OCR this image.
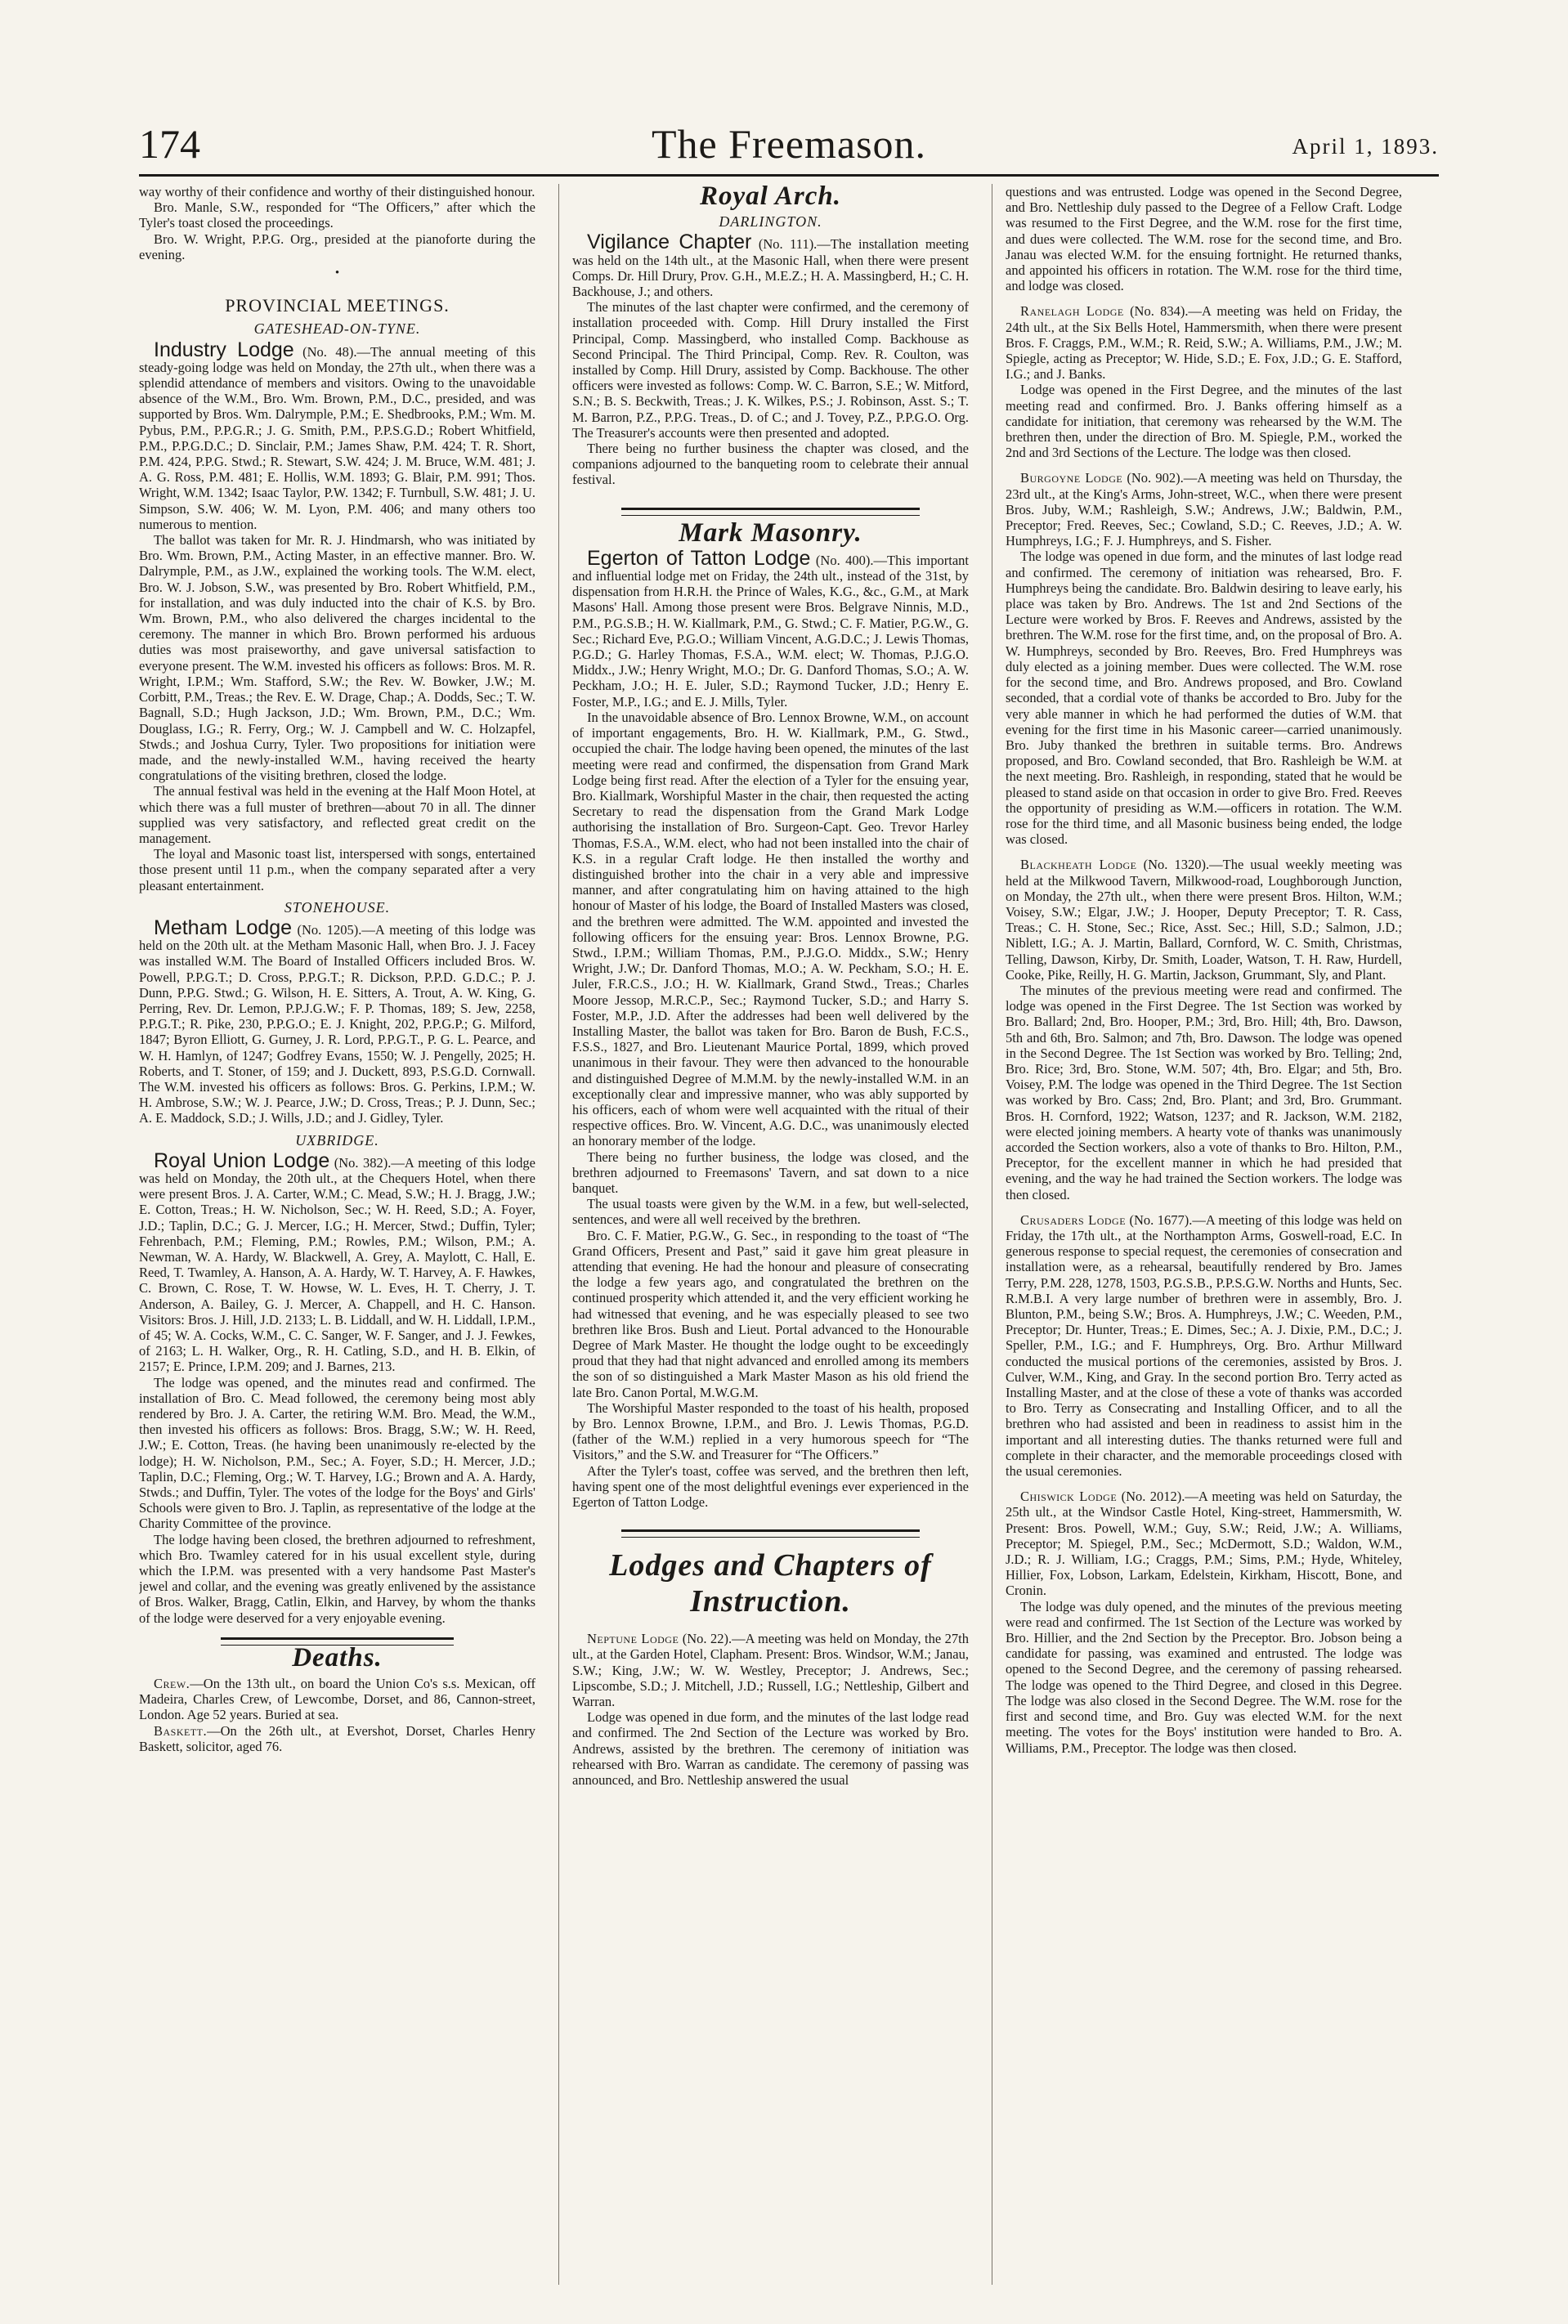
174	The Freemason.	April 1, 1893.

way worthy of their confidence and worthy of their distinguished honour.

Bro. Manle, S.W., responded for “The Officers,” after which the Tyler's toast closed the proceedings.

Bro. W. Wright, P.P.G. Org., presided at the pianoforte during the evening.

•
PROVINCIAL MEETINGS.
GATESHEAD-ON-TYNE.

Industry Lodge (No. 48).—The annual meeting of this steady-going lodge was held on Monday, the 27th ult., when there was a splendid attendance of members and visitors. Owing to the unavoidable absence of the W.M., Bro. Wm. Brown, P.M., D.C., presided, and was supported by Bros. Wm. Dalrymple, P.M.; E. Shedbrooks, P.M.; Wm. M. Pybus, P.M., P.P.G.R.; J. G. Smith, P.M., P.P.S.G.D.; Robert Whitfield, P.M., P.P.G.D.C.; D. Sinclair, P.M.; James Shaw, P.M. 424; T. R. Short, P.M. 424, P.P.G. Stwd.; R. Stewart, S.W. 424; J. M. Bruce, W.M. 481; J. A. G. Ross, P.M. 481; E. Hollis, W.M. 1893; G. Blair, P.M. 991; Thos. Wright, W.M. 1342; Isaac Taylor, P.W. 1342; F. Turnbull, S.W. 481; J. U. Simpson, S.W. 406; W. M. Lyon, P.M. 406; and many others too numerous to mention.

The ballot was taken for Mr. R. J. Hindmarsh, who was initiated by Bro. Wm. Brown, P.M., Acting Master, in an effective manner. Bro. W. Dalrymple, P.M., as J.W., explained the working tools. The W.M. elect, Bro. W. J. Jobson, S.W., was presented by Bro. Robert Whitfield, P.M., for installation, and was duly inducted into the chair of K.S. by Bro. Wm. Brown, P.M., who also delivered the charges incidental to the ceremony. The manner in which Bro. Brown performed his arduous duties was most praiseworthy, and gave universal satisfaction to everyone present. The W.M. invested his officers as follows: Bros. M. R. Wright, I.P.M.; Wm. Stafford, S.W.; the Rev. W. Bowker, J.W.; M. Corbitt, P.M., Treas.; the Rev. E. W. Drage, Chap.; A. Dodds, Sec.; T. W. Bagnall, S.D.; Hugh Jackson, J.D.; Wm. Brown, P.M., D.C.; Wm. Douglass, I.G.; R. Ferry, Org.; W. J. Campbell and W. C. Holzapfel, Stwds.; and Joshua Curry, Tyler. Two propositions for initiation were made, and the newly-installed W.M., having received the hearty congratulations of the visiting brethren, closed the lodge.

The annual festival was held in the evening at the Half Moon Hotel, at which there was a full muster of brethren—about 70 in all. The dinner supplied was very satisfactory, and reflected great credit on the management.

The loyal and Masonic toast list, interspersed with songs, entertained those present until 11 p.m., when the company separated after a very pleasant entertainment.

STONEHOUSE.

Metham Lodge (No. 1205).—A meeting of this lodge was held on the 20th ult. at the Metham Masonic Hall, when Bro. J. J. Facey was installed W.M. The Board of Installed Officers included Bros. W. Powell, P.P.G.T.; D. Cross, P.P.G.T.; R. Dickson, P.P.D. G.D.C.; P. J. Dunn, P.P.G. Stwd.; G. Wilson, H. E. Sitters, A. Trout, A. W. King, G. Perring, Rev. Dr. Lemon, P.P.J.G.W.; F. P. Thomas, 189; S. Jew, 2258, P.P.G.T.; R. Pike, 230, P.P.G.O.; E. J. Knight, 202, P.P.G.P.; G. Milford, 1847; Byron Elliott, G. Gurney, J. R. Lord, P.P.G.T., P. G. L. Pearce, and W. H. Hamlyn, of 1247; Godfrey Evans, 1550; W. J. Pengelly, 2025; H. Roberts, and T. Stoner, of 159; and J. Duckett, 893, P.S.G.D. Cornwall. The W.M. invested his officers as follows: Bros. G. Perkins, I.P.M.; W. H. Ambrose, S.W.; W. J. Pearce, J.W.; D. Cross, Treas.; P. J. Dunn, Sec.; A. E. Maddock, S.D.; J. Wills, J.D.; and J. Gidley, Tyler.

UXBRIDGE.

Royal Union Lodge (No. 382).—A meeting of this lodge was held on Monday, the 20th ult., at the Chequers Hotel, when there were present Bros. J. A. Carter, W.M.; C. Mead, S.W.; H. J. Bragg, J.W.; E. Cotton, Treas.; H. W. Nicholson, Sec.; W. H. Reed, S.D.; A. Foyer, J.D.; Taplin, D.C.; G. J. Mercer, I.G.; H. Mercer, Stwd.; Duffin, Tyler; Fehrenbach, P.M.; Fleming, P.M.; Rowles, P.M.; Wilson, P.M.; A. Newman, W. A. Hardy, W. Blackwell, A. Grey, A. Maylott, C. Hall, E. Reed, T. Twamley, A. Hanson, A. A. Hardy, W. T. Harvey, A. F. Hawkes, C. Brown, C. Rose, T. W. Howse, W. L. Eves, H. T. Cherry, J. T. Anderson, A. Bailey, G. J. Mercer, A. Chappell, and H. C. Hanson. Visitors: Bros. J. Hill, J.D. 2133; L. B. Liddall, and W. H. Liddall, I.P.M., of 45; W. A. Cocks, W.M., C. C. Sanger, W. F. Sanger, and J. J. Fewkes, of 2163; L. H. Walker, Org., R. H. Catling, S.D., and H. B. Elkin, of 2157; E. Prince, I.P.M. 209; and J. Barnes, 213.

The lodge was opened, and the minutes read and confirmed. The installation of Bro. C. Mead followed, the ceremony being most ably rendered by Bro. J. A. Carter, the retiring W.M. Bro. Mead, the W.M., then invested his officers as follows: Bros. Bragg, S.W.; W. H. Reed, J.W.; E. Cotton, Treas. (he having been unanimously re-elected by the lodge); H. W. Nicholson, P.M., Sec.; A. Foyer, S.D.; H. Mercer, J.D.; Taplin, D.C.; Fleming, Org.; W. T. Harvey, I.G.; Brown and A. A. Hardy, Stwds.; and Duffin, Tyler. The votes of the lodge for the Boys' and Girls' Schools were given to Bro. J. Taplin, as representative of the lodge at the Charity Committee of the province.

The lodge having been closed, the brethren adjourned to refreshment, which Bro. Twamley catered for in his usual excellent style, during which the I.P.M. was presented with a very handsome Past Master's jewel and collar, and the evening was greatly enlivened by the assistance of Bros. Walker, Bragg, Catlin, Elkin, and Harvey, by whom the thanks of the lodge were deserved for a very enjoyable evening.

Deaths.

Crew.—On the 13th ult., on board the Union Co's s.s. Mexican, off Madeira, Charles Crew, of Lewcombe, Dorset, and 86, Cannon-street, London. Age 52 years. Buried at sea.

Baskett.—On the 26th ult., at Evershot, Dorset, Charles Henry Baskett, solicitor, aged 76.

Royal Arch.
DARLINGTON.

Vigilance Chapter (No. 111).—The installation meeting was held on the 14th ult., at the Masonic Hall, when there were present Comps. Dr. Hill Drury, Prov. G.H., M.E.Z.; H. A. Massingberd, H.; C. H. Backhouse, J.; and others.

The minutes of the last chapter were confirmed, and the ceremony of installation proceeded with. Comp. Hill Drury installed the First Principal, Comp. Massingberd, who installed Comp. Backhouse as Second Principal. The Third Principal, Comp. Rev. R. Coulton, was installed by Comp. Hill Drury, assisted by Comp. Backhouse. The other officers were invested as follows: Comp. W. C. Barron, S.E.; W. Mitford, S.N.; B. S. Beckwith, Treas.; J. K. Wilkes, P.S.; J. Robinson, Asst. S.; T. M. Barron, P.Z., P.P.G. Treas., D. of C.; and J. Tovey, P.Z., P.P.G.O. Org. The Treasurer's accounts were then presented and adopted.

There being no further business the chapter was closed, and the companions adjourned to the banqueting room to celebrate their annual festival.

Mark Masonry.

Egerton of Tatton Lodge (No. 400).—This important and influential lodge met on Friday, the 24th ult., instead of the 31st, by dispensation from H.R.H. the Prince of Wales, K.G., &c., G.M., at Mark Masons' Hall. Among those present were Bros. Belgrave Ninnis, M.D., P.M., P.G.S.B.; H. W. Kiallmark, P.M., G. Stwd.; C. F. Matier, P.G.W., G. Sec.; Richard Eve, P.G.O.; William Vincent, A.G.D.C.; J. Lewis Thomas, P.G.D.; G. Harley Thomas, F.S.A., W.M. elect; W. Thomas, P.J.G.O. Middx., J.W.; Henry Wright, M.O.; Dr. G. Danford Thomas, S.O.; A. W. Peckham, J.O.; H. E. Juler, S.D.; Raymond Tucker, J.D.; Henry E. Foster, M.P., I.G.; and E. J. Mills, Tyler.

In the unavoidable absence of Bro. Lennox Browne, W.M., on account of important engagements, Bro. H. W. Kiallmark, P.M., G. Stwd., occupied the chair. The lodge having been opened, the minutes of the last meeting were read and confirmed, the dispensation from Grand Mark Lodge being first read. After the election of a Tyler for the ensuing year, Bro. Kiallmark, Worshipful Master in the chair, then requested the acting Secretary to read the dispensation from the Grand Mark Lodge authorising the installation of Bro. Surgeon-Capt. Geo. Trevor Harley Thomas, F.S.A., W.M. elect, who had not been installed into the chair of K.S. in a regular Craft lodge. He then installed the worthy and distinguished brother into the chair in a very able and impressive manner, and after congratulating him on having attained to the high honour of Master of his lodge, the Board of Installed Masters was closed, and the brethren were admitted. The W.M. appointed and invested the following officers for the ensuing year: Bros. Lennox Browne, P.G. Stwd., I.P.M.; William Thomas, P.M., P.J.G.O. Middx., S.W.; Henry Wright, J.W.; Dr. Danford Thomas, M.O.; A. W. Peckham, S.O.; H. E. Juler, F.R.C.S., J.O.; H. W. Kiallmark, Grand Stwd., Treas.; Charles Moore Jessop, M.R.C.P., Sec.; Raymond Tucker, S.D.; and Harry S. Foster, M.P., J.D. After the addresses had been well delivered by the Installing Master, the ballot was taken for Bro. Baron de Bush, F.C.S., F.S.S., 1827, and Bro. Lieutenant Maurice Portal, 1899, which proved unanimous in their favour. They were then advanced to the honourable and distinguished Degree of M.M.M. by the newly-installed W.M. in an exceptionally clear and impressive manner, who was ably supported by his officers, each of whom were well acquainted with the ritual of their respective offices. Bro. W. Vincent, A.G. D.C., was unanimously elected an honorary member of the lodge.

There being no further business, the lodge was closed, and the brethren adjourned to Freemasons' Tavern, and sat down to a nice banquet.

The usual toasts were given by the W.M. in a few, but well-selected, sentences, and were all well received by the brethren.

Bro. C. F. Matier, P.G.W., G. Sec., in responding to the toast of “The Grand Officers, Present and Past,” said it gave him great pleasure in attending that evening. He had the honour and pleasure of consecrating the lodge a few years ago, and congratulated the brethren on the continued prosperity which attended it, and the very efficient working he had witnessed that evening, and he was especially pleased to see two brethren like Bros. Bush and Lieut. Portal advanced to the Honourable Degree of Mark Master. He thought the lodge ought to be exceedingly proud that they had that night advanced and enrolled among its members the son of so distinguished a Mark Master Mason as his old friend the late Bro. Canon Portal, M.W.G.M.

The Worshipful Master responded to the toast of his health, proposed by Bro. Lennox Browne, I.P.M., and Bro. J. Lewis Thomas, P.G.D. (father of the W.M.) replied in a very humorous speech for “The Visitors,” and the S.W. and Treasurer for “The Officers.”

After the Tyler's toast, coffee was served, and the brethren then left, having spent one of the most delightful evenings ever experienced in the Egerton of Tatton Lodge.

Lodges and Chapters of Instruction.

Neptune Lodge (No. 22).—A meeting was held on Monday, the 27th ult., at the Garden Hotel, Clapham. Present: Bros. Windsor, W.M.; Janau, S.W.; King, J.W.; W. W. Westley, Preceptor; J. Andrews, Sec.; Lipscombe, S.D.; J. Mitchell, J.D.; Russell, I.G.; Nettleship, Gilbert and Warran.

Lodge was opened in due form, and the minutes of the last lodge read and confirmed. The 2nd Section of the Lecture was worked by Bro. Andrews, assisted by the brethren. The ceremony of initiation was rehearsed with Bro. Warran as candidate. The ceremony of passing was announced, and Bro. Nettleship answered the usual

questions and was entrusted. Lodge was opened in the Second Degree, and Bro. Nettleship duly passed to the Degree of a Fellow Craft. Lodge was resumed to the First Degree, and the W.M. rose for the first time, and dues were collected. The W.M. rose for the second time, and Bro. Janau was elected W.M. for the ensuing fortnight. He returned thanks, and appointed his officers in rotation. The W.M. rose for the third time, and lodge was closed.

Ranelagh Lodge (No. 834).—A meeting was held on Friday, the 24th ult., at the Six Bells Hotel, Hammersmith, when there were present Bros. F. Craggs, P.M., W.M.; R. Reid, S.W.; A. Williams, P.M., J.W.; M. Spiegle, acting as Preceptor; W. Hide, S.D.; E. Fox, J.D.; G. E. Stafford, I.G.; and J. Banks.

Lodge was opened in the First Degree, and the minutes of the last meeting read and confirmed. Bro. J. Banks offering himself as a candidate for initiation, that ceremony was rehearsed by the W.M. The brethren then, under the direction of Bro. M. Spiegle, P.M., worked the 2nd and 3rd Sections of the Lecture. The lodge was then closed.

Burgoyne Lodge (No. 902).—A meeting was held on Thursday, the 23rd ult., at the King's Arms, John-street, W.C., when there were present Bros. Juby, W.M.; Rashleigh, S.W.; Andrews, J.W.; Baldwin, P.M., Preceptor; Fred. Reeves, Sec.; Cowland, S.D.; C. Reeves, J.D.; A. W. Humphreys, I.G.; F. J. Humphreys, and S. Fisher.

The lodge was opened in due form, and the minutes of last lodge read and confirmed. The ceremony of initiation was rehearsed, Bro. F. Humphreys being the candidate. Bro. Baldwin desiring to leave early, his place was taken by Bro. Andrews. The 1st and 2nd Sections of the Lecture were worked by Bros. F. Reeves and Andrews, assisted by the brethren. The W.M. rose for the first time, and, on the proposal of Bro. A. W. Humphreys, seconded by Bro. Reeves, Bro. Fred Humphreys was duly elected as a joining member. Dues were collected. The W.M. rose for the second time, and Bro. Andrews proposed, and Bro. Cowland seconded, that a cordial vote of thanks be accorded to Bro. Juby for the very able manner in which he had performed the duties of W.M. that evening for the first time in his Masonic career—carried unanimously. Bro. Juby thanked the brethren in suitable terms. Bro. Andrews proposed, and Bro. Cowland seconded, that Bro. Rashleigh be W.M. at the next meeting. Bro. Rashleigh, in responding, stated that he would be pleased to stand aside on that occasion in order to give Bro. Fred. Reeves the opportunity of presiding as W.M.—officers in rotation. The W.M. rose for the third time, and all Masonic business being ended, the lodge was closed.

Blackheath Lodge (No. 1320).—The usual weekly meeting was held at the Milkwood Tavern, Milkwood-road, Loughborough Junction, on Monday, the 27th ult., when there were present Bros. Hilton, W.M.; Voisey, S.W.; Elgar, J.W.; J. Hooper, Deputy Preceptor; T. R. Cass, Treas.; C. H. Stone, Sec.; Rice, Asst. Sec.; Hill, S.D.; Salmon, J.D.; Niblett, I.G.; A. J. Martin, Ballard, Cornford, W. C. Smith, Christmas, Telling, Dawson, Kirby, Dr. Smith, Loader, Watson, T. H. Raw, Hurdell, Cooke, Pike, Reilly, H. G. Martin, Jackson, Grummant, Sly, and Plant.

The minutes of the previous meeting were read and confirmed. The lodge was opened in the First Degree. The 1st Section was worked by Bro. Ballard; 2nd, Bro. Hooper, P.M.; 3rd, Bro. Hill; 4th, Bro. Dawson, 5th and 6th, Bro. Salmon; and 7th, Bro. Dawson. The lodge was opened in the Second Degree. The 1st Section was worked by Bro. Telling; 2nd, Bro. Rice; 3rd, Bro. Stone, W.M. 507; 4th, Bro. Elgar; and 5th, Bro. Voisey, P.M. The lodge was opened in the Third Degree. The 1st Section was worked by Bro. Cass; 2nd, Bro. Plant; and 3rd, Bro. Grummant. Bros. H. Cornford, 1922; Watson, 1237; and R. Jackson, W.M. 2182, were elected joining members. A hearty vote of thanks was unanimously accorded the Section workers, also a vote of thanks to Bro. Hilton, P.M., Preceptor, for the excellent manner in which he had presided that evening, and the way he had trained the Section workers. The lodge was then closed.

Crusaders Lodge (No. 1677).—A meeting of this lodge was held on Friday, the 17th ult., at the Northampton Arms, Goswell-road, E.C. In generous response to special request, the ceremonies of consecration and installation were, as a rehearsal, beautifully rendered by Bro. James Terry, P.M. 228, 1278, 1503, P.G.S.B., P.P.S.G.W. Norths and Hunts, Sec. R.M.B.I. A very large number of brethren were in assembly, Bro. J. Blunton, P.M., being S.W.; Bros. A. Humphreys, J.W.; C. Weeden, P.M., Preceptor; Dr. Hunter, Treas.; E. Dimes, Sec.; A. J. Dixie, P.M., D.C.; J. Speller, P.M., I.G.; and F. Humphreys, Org. Bro. Arthur Millward conducted the musical portions of the ceremonies, assisted by Bros. J. Culver, W.M., King, and Gray. In the second portion Bro. Terry acted as Installing Master, and at the close of these a vote of thanks was accorded to Bro. Terry as Consecrating and Installing Officer, and to all the brethren who had assisted and been in readiness to assist him in the important and all interesting duties. The thanks returned were full and complete in their character, and the memorable proceedings closed with the usual ceremonies.

Chiswick Lodge (No. 2012).—A meeting was held on Saturday, the 25th ult., at the Windsor Castle Hotel, King-street, Hammersmith, W. Present: Bros. Powell, W.M.; Guy, S.W.; Reid, J.W.; A. Williams, Preceptor; M. Spiegel, P.M., Sec.; McDermott, S.D.; Waldon, W.M., J.D.; R. J. William, I.G.; Craggs, P.M.; Sims, P.M.; Hyde, Whiteley, Hillier, Fox, Lobson, Larkam, Edelstein, Kirkham, Hiscott, Bone, and Cronin.

The lodge was duly opened, and the minutes of the previous meeting were read and confirmed. The 1st Section of the Lecture was worked by Bro. Hillier, and the 2nd Section by the Preceptor. Bro. Jobson being a candidate for passing, was examined and entrusted. The lodge was opened to the Second Degree, and the ceremony of passing rehearsed. The lodge was opened to the Third Degree, and closed in this Degree. The lodge was also closed in the Second Degree. The W.M. rose for the first and second time, and Bro. Guy was elected W.M. for the next meeting. The votes for the Boys' institution were handed to Bro. A. Williams, P.M., Preceptor. The lodge was then closed.
